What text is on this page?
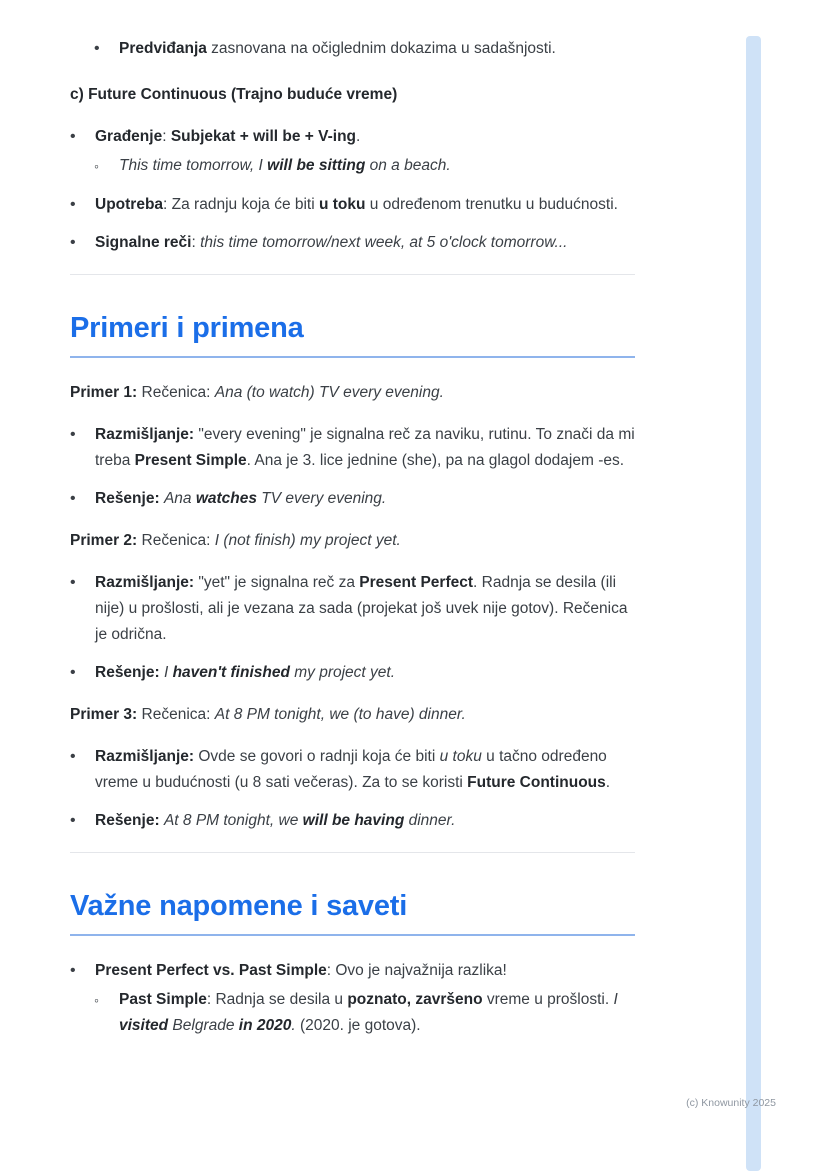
•
Predviđanja zasnovana na očiglednim dokazima u sadašnjosti.

c) Future Continuous (Trajno buduće vreme)

•
Građenje: Subjekat + will be + V-ing.
◦
This time tomorrow, I will be sitting on a beach.
•
Upotreba: Za radnju koja će biti u toku u određenom trenutku u budućnosti.
•
Signalne reči: this time tomorrow/next week, at 5 o'clock tomorrow...
Primeri i primena

Primer 1: Rečenica: Ana (to watch) TV every evening.

•
Razmišljanje: "every evening" je signalna reč za naviku, rutinu. To znači da mi treba Present Simple. Ana je 3. lice jednine (she), pa na glagol dodajem -es.
•
Rešenje: Ana watches TV every evening.

Primer 2: Rečenica: I (not finish) my project yet.

•
Razmišljanje: "yet" je signalna reč za Present Perfect. Radnja se desila (ili nije) u prošlosti, ali je vezana za sada (projekat još uvek nije gotov). Rečenica je odrična.
•
Rešenje: I haven't finished my project yet.

Primer 3: Rečenica: At 8 PM tonight, we (to have) dinner.

•
Razmišljanje: Ovde se govori o radnji koja će biti u toku u tačno određeno vreme u budućnosti (u 8 sati večeras). Za to se koristi Future Continuous.
•
Rešenje: At 8 PM tonight, we will be having dinner.
Važne napomene i saveti
•
Present Perfect vs. Past Simple: Ovo je najvažnija razlika!
◦
Past Simple: Radnja se desila u poznato, završeno vreme u prošlosti. I visited Belgrade in 2020. (2020. je gotova).
(c) Knowunity 2025
